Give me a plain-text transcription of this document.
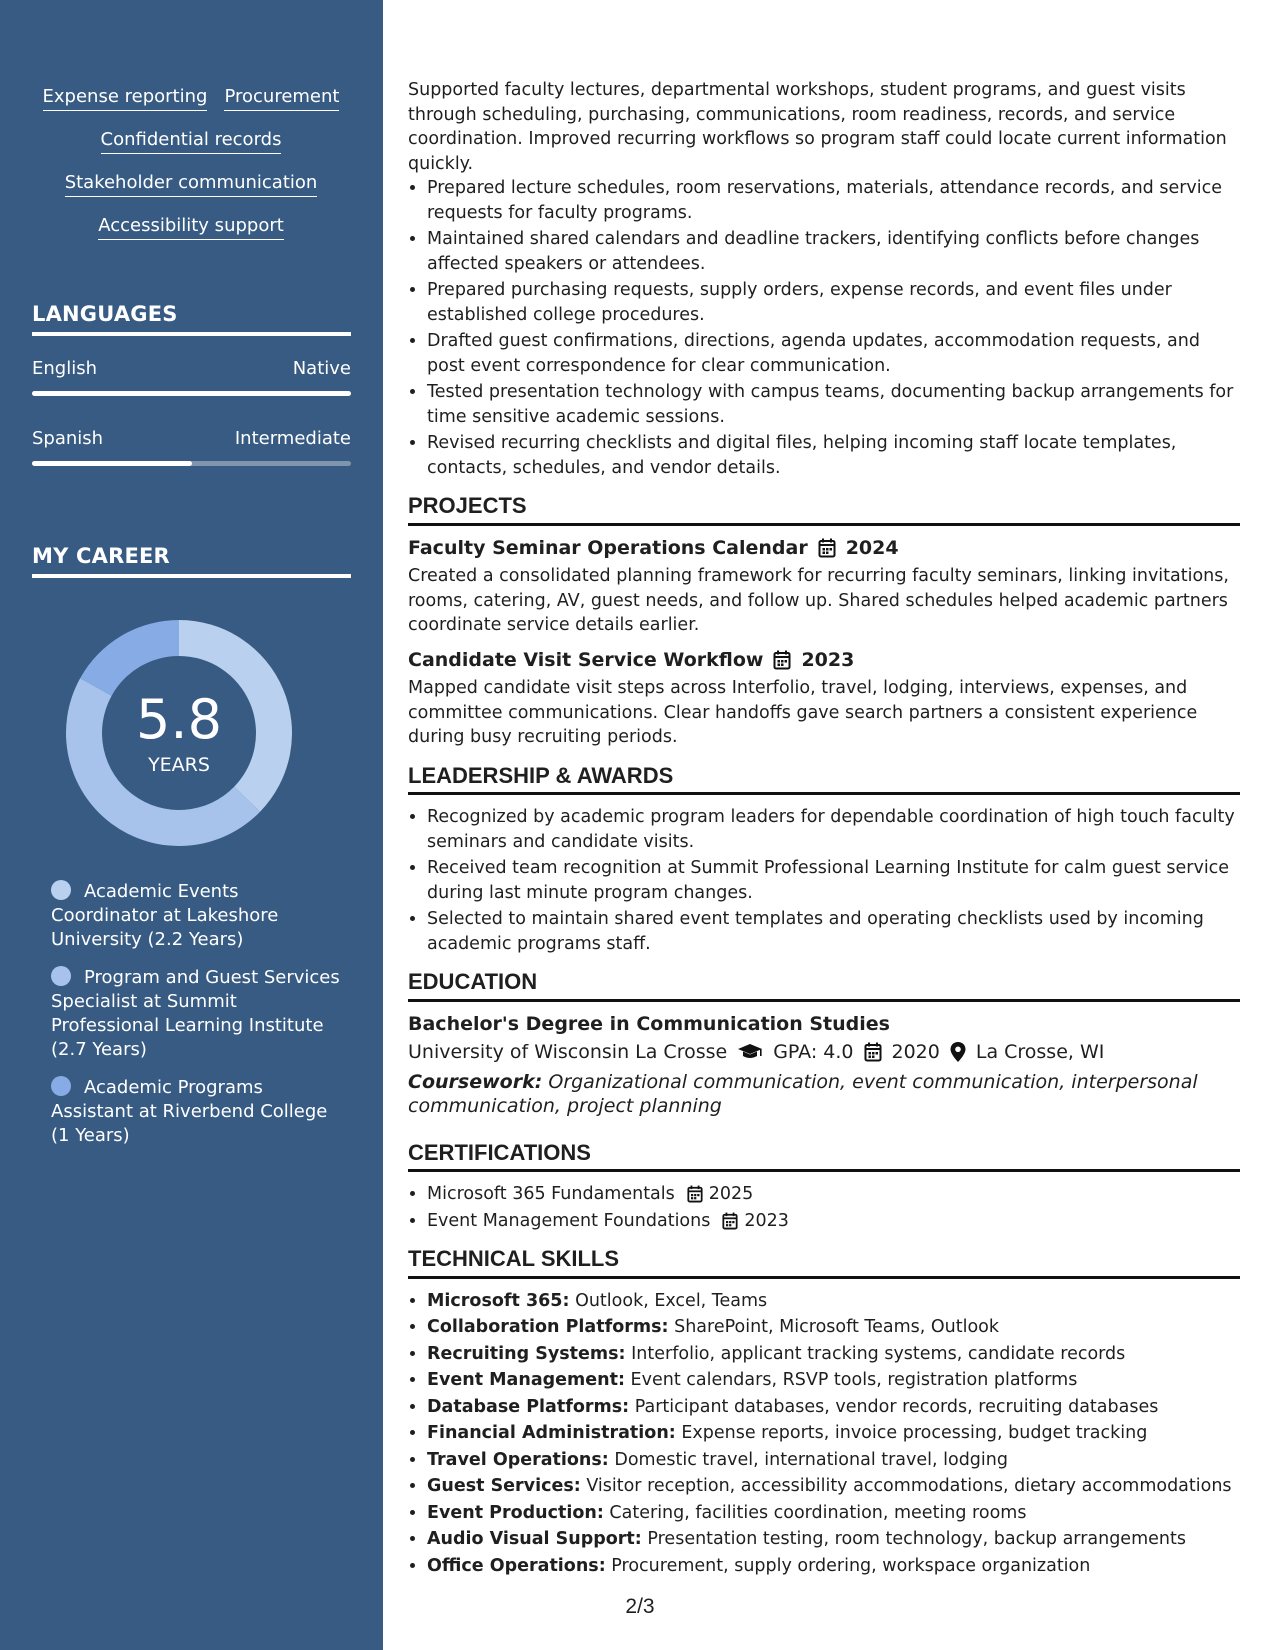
Expense reporting Procurement
Confidential records
Stakeholder communication
Accessibility support
LANGUAGES
English	Native
Spanish	Intermediate
MY CAREER
5.8
YEARS
Academic Events Coordinator at Lakeshore University (2.2 Years)
Program and Guest Services Specialist at Summit Professional Learning Institute (2.7 Years)
Academic Programs Assistant at Riverbend College (1 Years)

Supported faculty lectures, departmental workshops, student programs, and guest visits through scheduling, purchasing, communications, room readiness, records, and service coordination. Improved recurring workflows so program staff could locate current information quickly.

• Prepared lecture schedules, room reservations, materials, attendance records, and service requests for faculty programs.
• Maintained shared calendars and deadline trackers, identifying conflicts before changes affected speakers or attendees.
• Prepared purchasing requests, supply orders, expense records, and event files under established college procedures.
• Drafted guest confirmations, directions, agenda updates, accommodation requests, and post event correspondence for clear communication.
• Tested presentation technology with campus teams, documenting backup arrangements for time sensitive academic sessions.
• Revised recurring checklists and digital files, helping incoming staff locate templates, contacts, schedules, and vendor details.
PROJECTS
Faculty Seminar Operations Calendar 2024

Created a consolidated planning framework for recurring faculty seminars, linking invitations, rooms, catering, AV, guest needs, and follow up. Shared schedules helped academic partners coordinate service details earlier.

Candidate Visit Service Workflow 2023

Mapped candidate visit steps across Interfolio, travel, lodging, interviews, expenses, and committee communications. Clear handoffs gave search partners a consistent experience during busy recruiting periods.

LEADERSHIP & AWARDS
• Recognized by academic program leaders for dependable coordination of high touch faculty seminars and candidate visits.
• Received team recognition at Summit Professional Learning Institute for calm guest service during last minute program changes.
• Selected to maintain shared event templates and operating checklists used by incoming academic programs staff.
EDUCATION
Bachelor's Degree in Communication Studies
University of Wisconsin La Crosse GPA: 4.0 2020 La Crosse, WI
Coursework: Organizational communication, event communication, interpersonal communication, project planning
CERTIFICATIONS
• Microsoft 365 Fundamentals 2025
• Event Management Foundations 2023
TECHNICAL SKILLS
• Microsoft 365: Outlook, Excel, Teams
• Collaboration Platforms: SharePoint, Microsoft Teams, Outlook
• Recruiting Systems: Interfolio, applicant tracking systems, candidate records
• Event Management: Event calendars, RSVP tools, registration platforms
• Database Platforms: Participant databases, vendor records, recruiting databases
• Financial Administration: Expense reports, invoice processing, budget tracking
• Travel Operations: Domestic travel, international travel, lodging
• Guest Services: Visitor reception, accessibility accommodations, dietary accommodations
• Event Production: Catering, facilities coordination, meeting rooms
• Audio Visual Support: Presentation testing, room technology, backup arrangements
• Office Operations: Procurement, supply ordering, workspace organization
2/3
